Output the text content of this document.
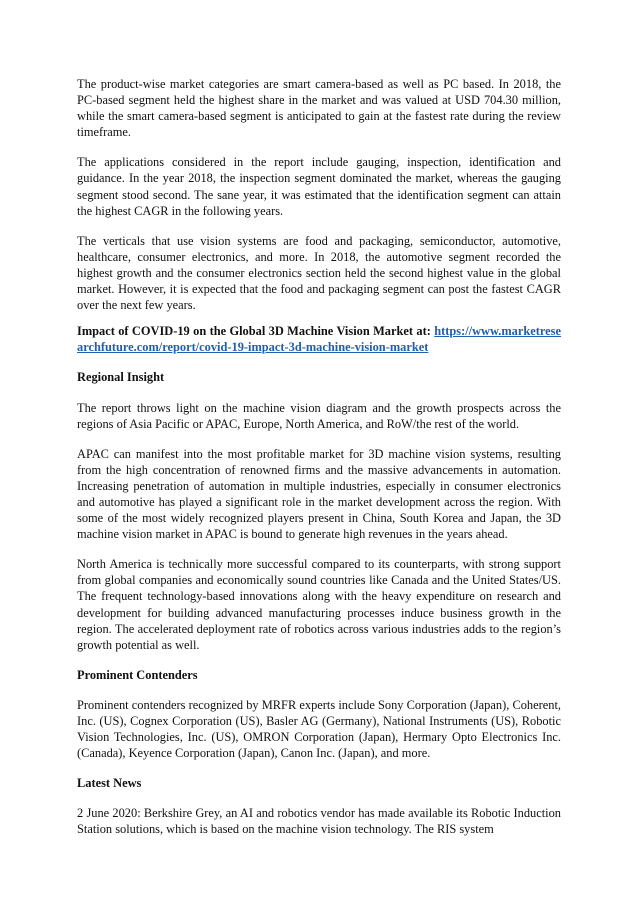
The product-wise market categories are smart camera-based as well as PC based. In 2018, the PC-based segment held the highest share in the market and was valued at USD 704.30 million, while the smart camera-based segment is anticipated to gain at the fastest rate during the review timeframe.

The applications considered in the report include gauging, inspection, identification and guidance. In the year 2018, the inspection segment dominated the market, whereas the gauging segment stood second. The sane year, it was estimated that the identification segment can attain the highest CAGR in the following years.

The verticals that use vision systems are food and packaging, semiconductor, automotive, healthcare, consumer electronics, and more. In 2018, the automotive segment recorded the highest growth and the consumer electronics section held the second highest value in the global market. However, it is expected that the food and packaging segment can post the fastest CAGR over the next few years.

Impact of COVID-19 on the Global 3D Machine Vision Market at: https://www.marketresearchfuture.com/report/covid-19-impact-3d-machine-vision-market

Regional Insight

The report throws light on the machine vision diagram and the growth prospects across the regions of Asia Pacific or APAC, Europe, North America, and RoW/the rest of the world.

APAC can manifest into the most profitable market for 3D machine vision systems, resulting from the high concentration of renowned firms and the massive advancements in automation. Increasing penetration of automation in multiple industries, especially in consumer electronics and automotive has played a significant role in the market development across the region. With some of the most widely recognized players present in China, South Korea and Japan, the 3D machine vision market in APAC is bound to generate high revenues in the years ahead.

North America is technically more successful compared to its counterparts, with strong support from global companies and economically sound countries like Canada and the United States/US. The frequent technology-based innovations along with the heavy expenditure on research and development for building advanced manufacturing processes induce business growth in the region. The accelerated deployment rate of robotics across various industries adds to the region’s growth potential as well.

Prominent Contenders

Prominent contenders recognized by MRFR experts include Sony Corporation (Japan), Coherent, Inc. (US), Cognex Corporation (US), Basler AG (Germany), National Instruments (US), Robotic Vision Technologies, Inc. (US), OMRON Corporation (Japan), Hermary Opto Electronics Inc. (Canada), Keyence Corporation (Japan), Canon Inc. (Japan), and more.

Latest News

2 June 2020: Berkshire Grey, an AI and robotics vendor has made available its Robotic Induction Station solutions, which is based on the machine vision technology. The RIS system
